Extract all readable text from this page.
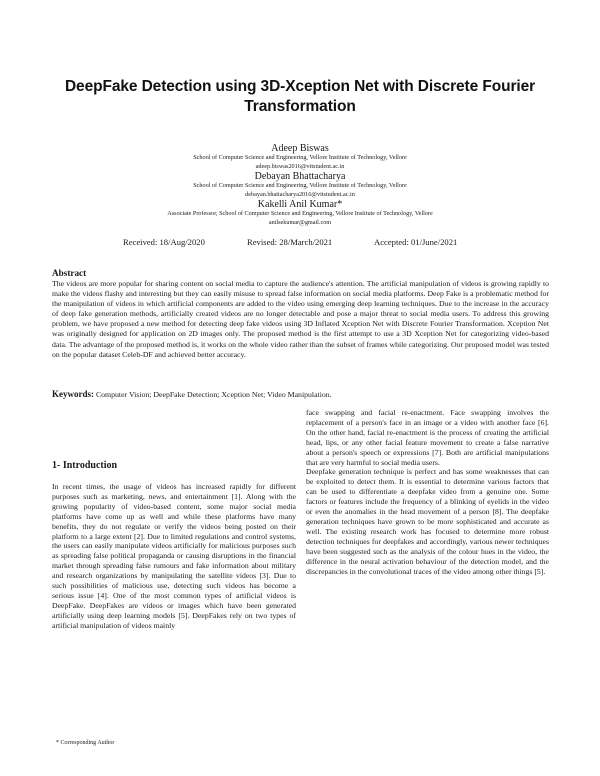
DeepFake Detection using 3D-Xception Net with Discrete Fourier Transformation
Adeep Biswas
School of Computer Science and Engineering, Vellore Institute of Technology, Vellore
adeep.biswas2016@vitstudent.ac.in
Debayan Bhattacharya
School of Computer Science and Engineering, Vellore Institute of Technology, Vellore
debayan.bhattacharya2016@vitstudent.ac.in
Kakelli Anil Kumar*
Associate Professor, School of Computer Science and Engineering, Vellore Institute of Technology, Vellore
anilsekumar@gmail.com
Received: 18/Aug/2020	Revised: 28/March/2021	Accepted: 01/June/2021
Abstract

The videos are more popular for sharing content on social media to capture the audience's attention. The artificial manipulation of videos is growing rapidly to make the videos flashy and interesting but they can easily misuse to spread false information on social media platforms. Deep Fake is a problematic method for the manipulation of videos in which artificial components are added to the video using emerging deep learning techniques. Due to the increase in the accuracy of deep fake generation methods, artificially created videos are no longer detectable and pose a major threat to social media users. To address this growing problem, we have proposed a new method for detecting deep fake videos using 3D Inflated Xception Net with Discrete Fourier Transformation. Xception Net was originally designed for application on 2D images only. The proposed method is the first attempt to use a 3D Xception Net for categorizing video-based data. The advantage of the proposed method is, it works on the whole video rather than the subset of frames while categorizing. Our proposed model was tested on the popular dataset Celeb-DF and achieved better accuracy.

Keywords: Computer Vision; DeepFake Detection; Xception Net; Video Manipulation.
1- Introduction

In recent times, the usage of videos has increased rapidly for different purposes such as marketing, news, and entertainment [1]. Along with the growing popularity of video-based content, some major social media platforms have come up as well and while these platforms have many benefits, they do not regulate or verify the videos being posted on their platform to a large extent [2]. Due to limited regulations and control systems, the users can easily manipulate videos artificially for malicious purposes such as spreading false political propaganda or causing disruptions in the financial market through spreading false rumours and fake information about military and research organizations by manipulating the satellite videos [3]. Due to such possibilities of malicious use, detecting such videos has become a serious issue [4]. One of the most common types of artificial videos is DeepFake. DeepFakes are videos or images which have been generated artificially using deep learning models [5]. DeepFakes rely on two types of artificial manipulation of videos mainly

face swapping and facial re-enactment. Face swapping involves the replacement of a person's face in an image or a video with another face [6]. On the other hand, facial re-enactment is the process of creating the artificial head, lips, or any other facial feature movement to create a false narrative about a person's speech or expressions [7]. Both are artificial manipulations that are very harmful to social media users.

Deepfake generation technique is perfect and has some weaknesses that can be exploited to detect them. It is essential to determine various factors that can be used to differentiate a deepfake video from a genuine one. Some factors or features include the frequency of a blinking of eyelids in the video or even the anomalies in the head movement of a person [8]. The deepfake generation techniques have grown to be more sophisticated and accurate as well. The existing research work has focused to determine more robust detection techniques for deepfakes and accordingly, various newer techniques have been suggested such as the analysis of the colour hues in the video, the difference in the neural activation behaviour of the detection model, and the discrepancies in the convolutional traces of the video among other things [5].

* Corresponding Author
